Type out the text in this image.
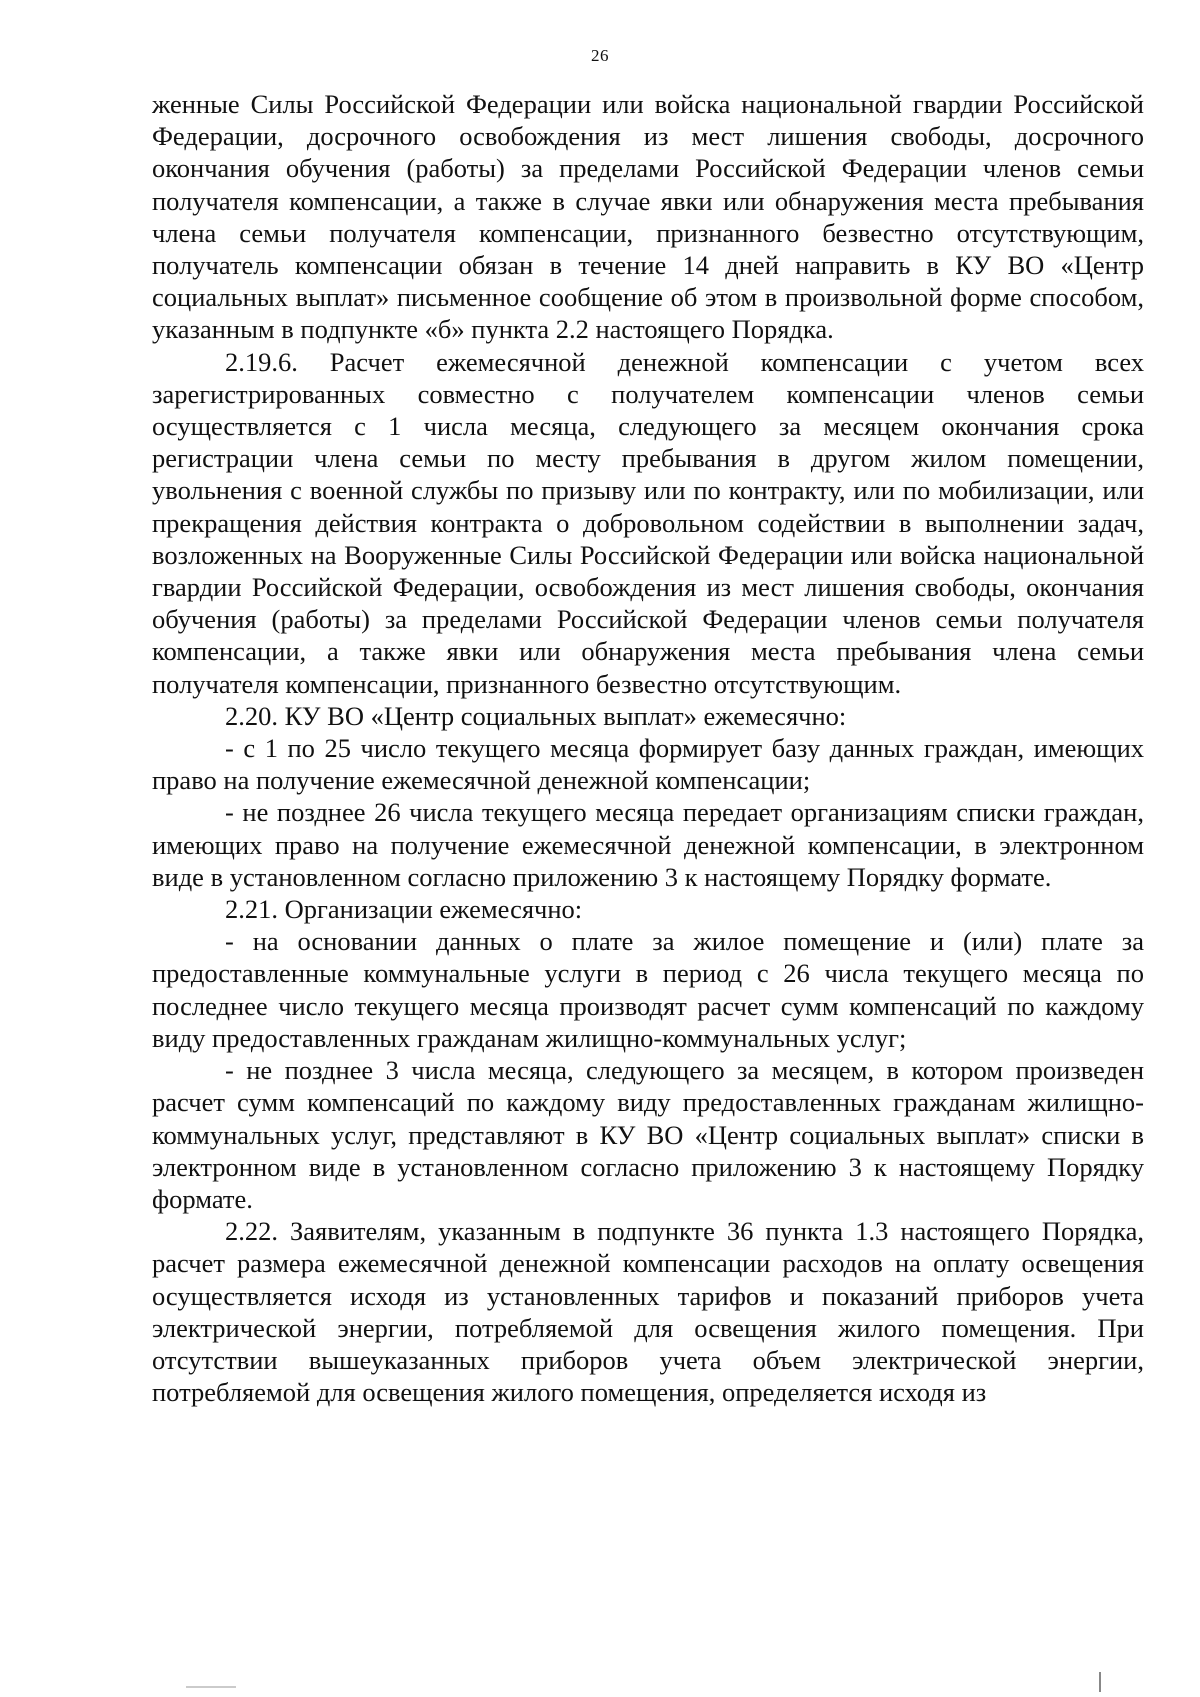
26

женные Силы Российской Федерации или войска национальной гвардии Российской Федерации, досрочного освобождения из мест лишения свободы, досрочного окончания обучения (работы) за пределами Российской Федерации членов семьи получателя компенсации, а также в случае явки или обнаружения места пребывания члена семьи получателя компенсации, признанного безвестно отсутствующим, получатель компенсации обязан в течение 14 дней направить в КУ ВО «Центр социальных выплат» письменное сообщение об этом в произвольной форме способом, указанным в подпункте «б» пункта 2.2 настоящего Порядка.

2.19.6. Расчет ежемесячной денежной компенсации с учетом всех зарегистрированных совместно с получателем компенсации членов семьи осуществляется с 1 числа месяца, следующего за месяцем окончания срока регистрации члена семьи по месту пребывания в другом жилом помещении, увольнения с военной службы по призыву или по контракту, или по мобилизации, или прекращения действия контракта о добровольном содействии в выполнении задач, возложенных на Вооруженные Силы Российской Федерации или войска национальной гвардии Российской Федерации, освобождения из мест лишения свободы, окончания обучения (работы) за пределами Российской Федерации членов семьи получателя компенсации, а также явки или обнаружения места пребывания члена семьи получателя компенсации, признанного безвестно отсутствующим.

2.20. КУ ВО «Центр социальных выплат» ежемесячно:

- с 1 по 25 число текущего месяца формирует базу данных граждан, имеющих право на получение ежемесячной денежной компенсации;

- не позднее 26 числа текущего месяца передает организациям списки граждан, имеющих право на получение ежемесячной денежной компенсации, в электронном виде в установленном согласно приложению 3 к настоящему Порядку формате.

2.21. Организации ежемесячно:

- на основании данных о плате за жилое помещение и (или) плате за предоставленные коммунальные услуги в период с 26 числа текущего месяца по последнее число текущего месяца производят расчет сумм компенсаций по каждому виду предоставленных гражданам жилищно-коммунальных услуг;

- не позднее 3 числа месяца, следующего за месяцем, в котором произведен расчет сумм компенсаций по каждому виду предоставленных гражданам жилищно-коммунальных услуг, представляют в КУ ВО «Центр социальных выплат» списки в электронном виде в установленном согласно приложению 3 к настоящему Порядку формате.

2.22. Заявителям, указанным в подпункте 36 пункта 1.3 настоящего Порядка, расчет размера ежемесячной денежной компенсации расходов на оплату освещения осуществляется исходя из установленных тарифов и показаний приборов учета электрической энергии, потребляемой для освещения жилого помещения. При отсутствии вышеуказанных приборов учета объем электрической энергии, потребляемой для освещения жилого помещения, определяется исходя из
